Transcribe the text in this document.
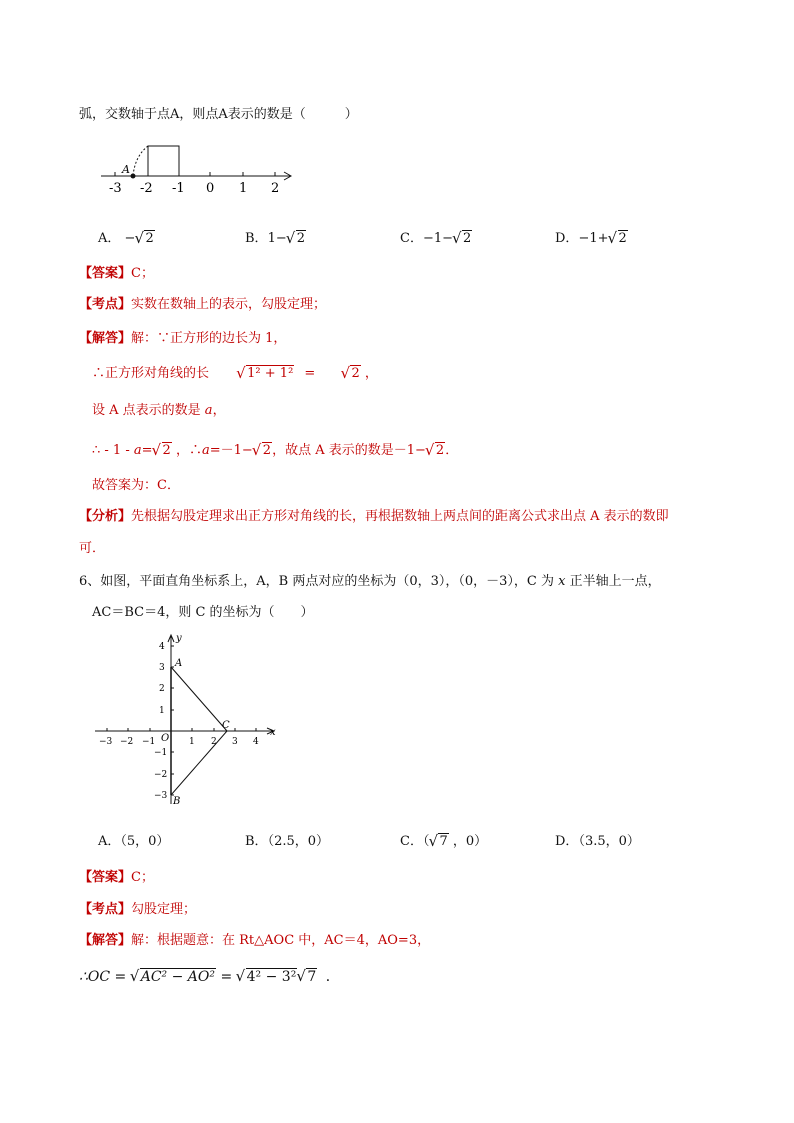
弧，交数轴于点A，则点A表示的数是（　　　）
A
-3 -2 -1 0 1 2
A． − √ 2	B．1− √ 2	C．−1− √ 2	D．−1+ √ 2
【答案】C；
【考点】实数在数轴上的表示，勾股定理；
【解答】解：∵正方形的边长为 1，
∴正方形对角线的长	√ 1² + 1² =	√ 2 ，
设 A 点表示的数是 a，
∴ - 1 - a= √ 2 ，∴a=－1− √ 2，故点 A 表示的数是－1− √ 2．
故答案为：C．
【分析】先根据勾股定理求出正方形对角线的长，再根据数轴上两点间的距离公式求出点 A 表示的数即
可．
6、如图，平面直角坐标系上，A，B 两点对应的坐标为（0，3），（0，－3），C 为 x 正半轴上一点，
AC＝BC＝4，则 C 的坐标为（　　）
−3 −2 −1	1 2 3 4
4
3
2
1
−1
−2
−3
x
y
O
A
B
C
A．（5，0）	B．（2.5，0）	C．（ √ 7 ，0）	D．（3.5，0）
【答案】C；
【考点】勾股定理；
【解答】解：根据题意：在 Rt△AOC 中，AC＝4，AO=3，
∴OC = √ AC² − AO² = √ 4² − 3² √ 7 ．
